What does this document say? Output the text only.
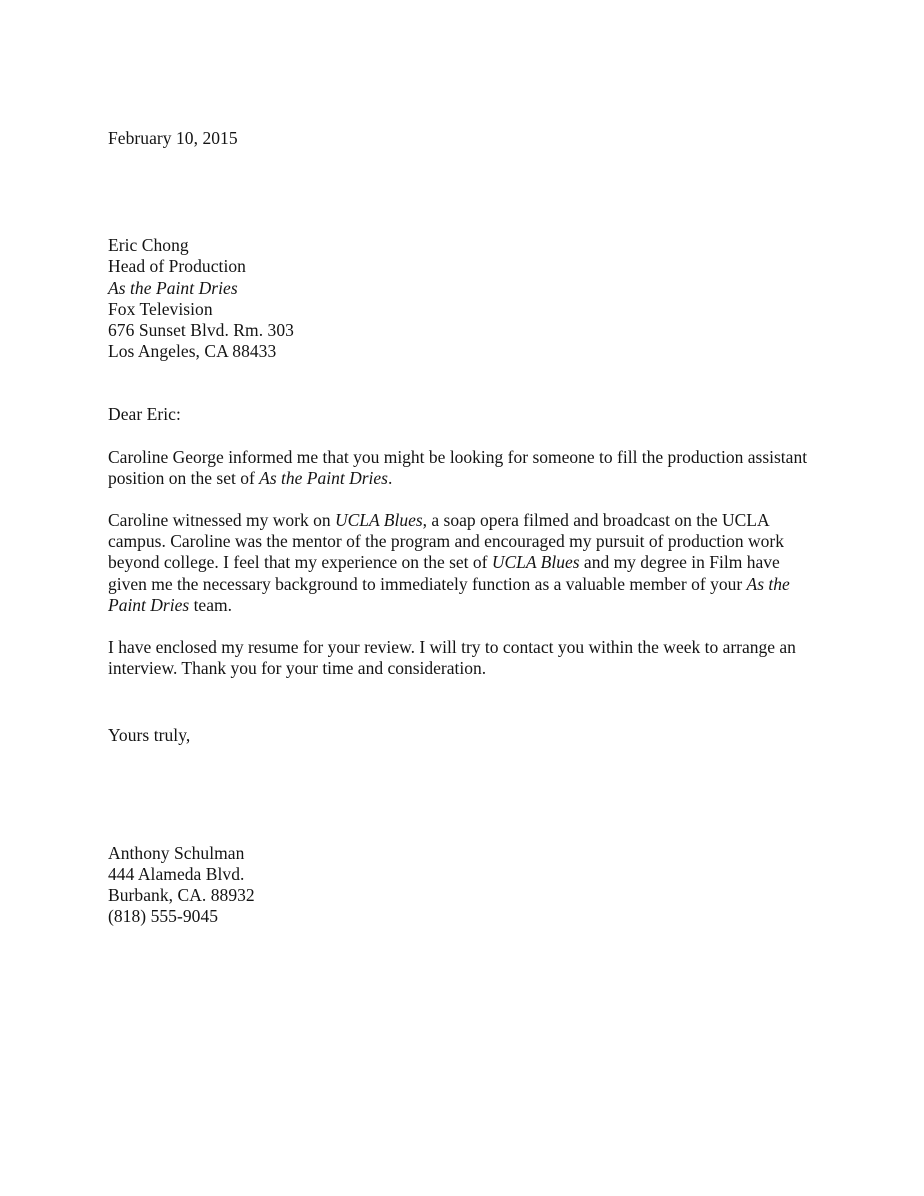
February 10, 2015
Eric Chong
Head of Production
As the Paint Dries
Fox Television
676 Sunset Blvd. Rm. 303
Los Angeles, CA 88433
Dear Eric:

Caroline George informed me that you might be looking for someone to fill the production assistant position on the set of As the Paint Dries.

Caroline witnessed my work on UCLA Blues, a soap opera filmed and broadcast on the UCLA campus. Caroline was the mentor of the program and encouraged my pursuit of production work beyond college. I feel that my experience on the set of UCLA Blues and my degree in Film have given me the necessary background to immediately function as a valuable member of your As the Paint Dries team.

I have enclosed my resume for your review. I will try to contact you within the week to arrange an interview. Thank you for your time and consideration.

Yours truly,
Anthony Schulman
444 Alameda Blvd.
Burbank, CA. 88932
(818) 555-9045
